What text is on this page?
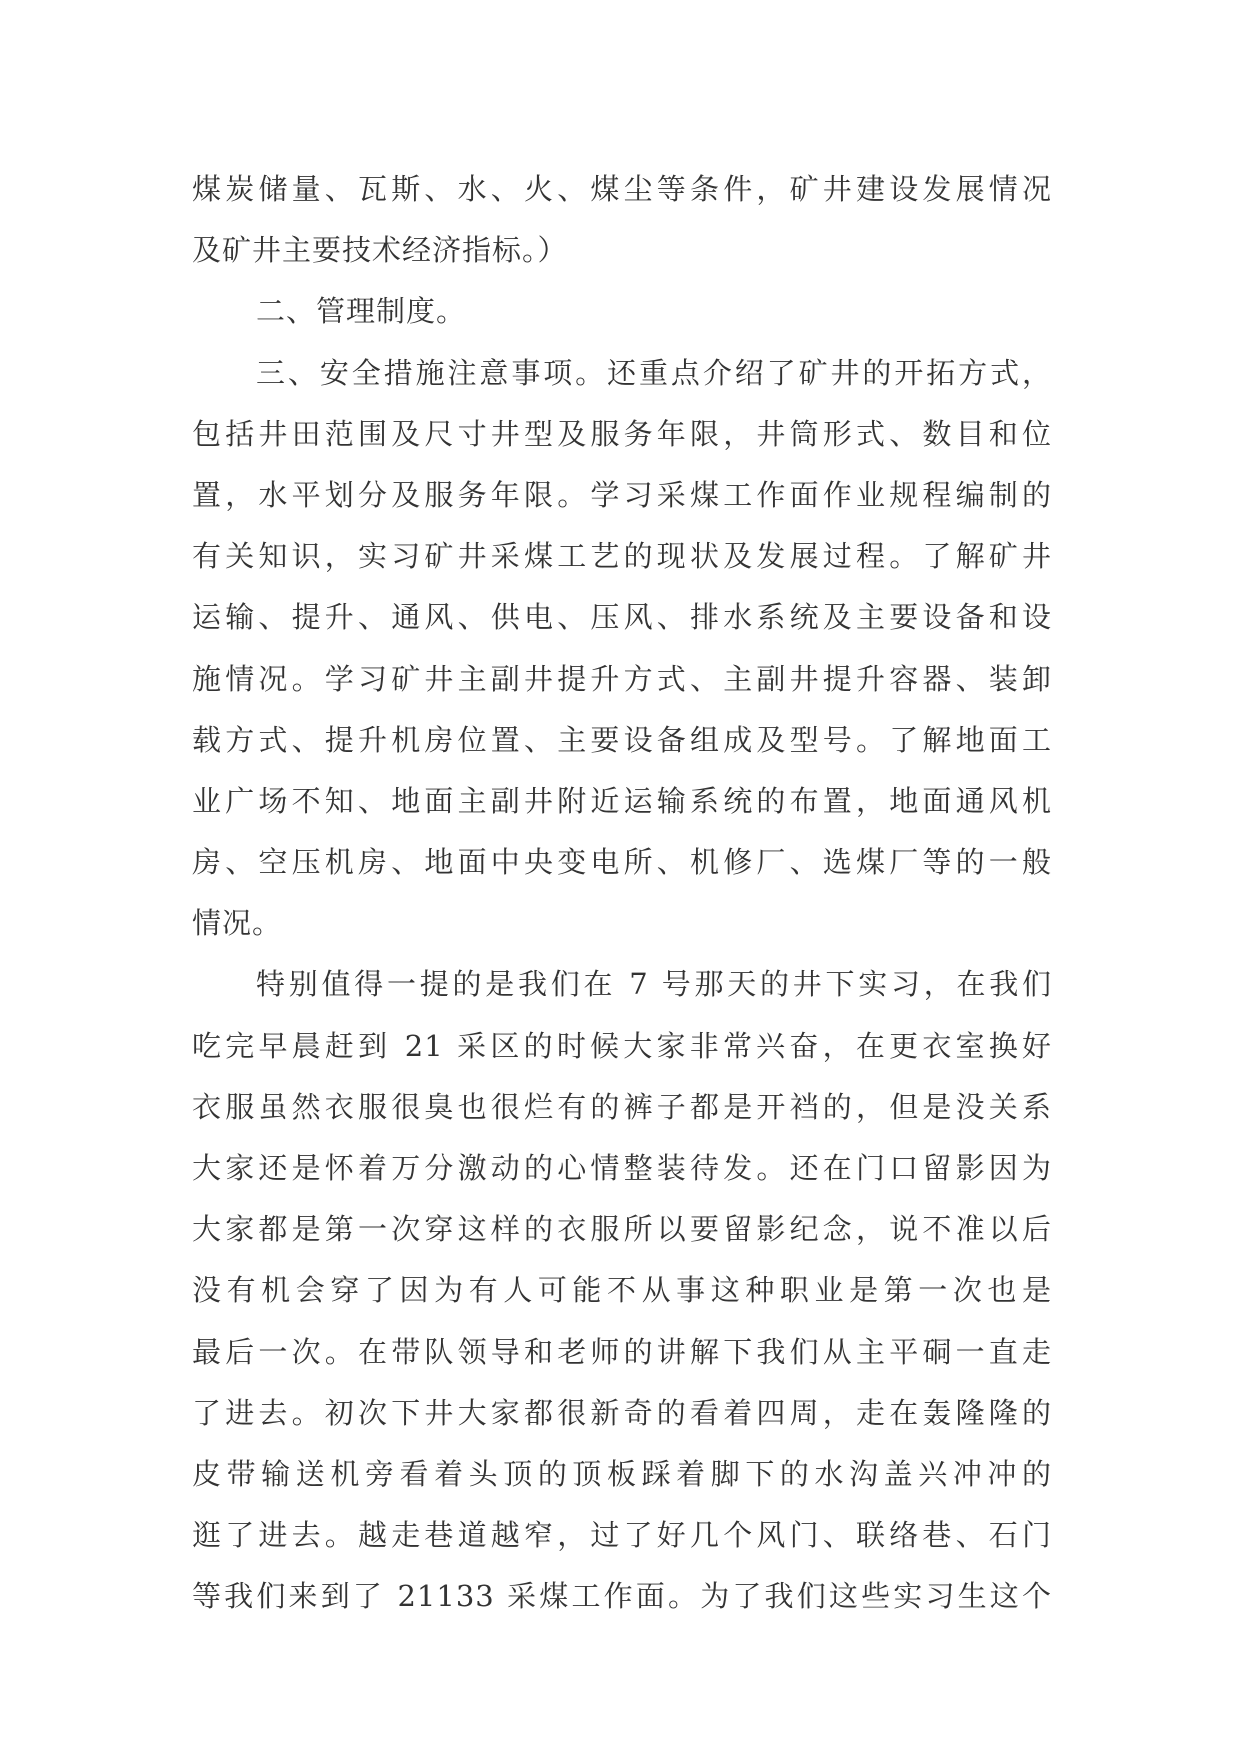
煤炭储量、瓦斯、水、火、煤尘等条件，矿井建设发展情况
及矿井主要技术经济指标。）
二、管理制度。
三、安全措施注意事项。还重点介绍了矿井的开拓方式，
包括井田范围及尺寸井型及服务年限，井筒形式、数目和位
置，水平划分及服务年限。学习采煤工作面作业规程编制的
有关知识，实习矿井采煤工艺的现状及发展过程。了解矿井
运输、提升、通风、供电、压风、排水系统及主要设备和设
施情况。学习矿井主副井提升方式、主副井提升容器、装卸
载方式、提升机房位置、主要设备组成及型号。了解地面工
业广场不知、地面主副井附近运输系统的布置，地面通风机
房、空压机房、地面中央变电所、机修厂、选煤厂等的一般
情况。
特别值得一提的是我们在 7 号那天的井下实习，在我们
吃完早晨赶到 21 采区的时候大家非常兴奋，在更衣室换好
衣服虽然衣服很臭也很烂有的裤子都是开裆的，但是没关系
大家还是怀着万分激动的心情整装待发。还在门口留影因为
大家都是第一次穿这样的衣服所以要留影纪念，说不准以后
没有机会穿了因为有人可能不从事这种职业是第一次也是
最后一次。在带队领导和老师的讲解下我们从主平硐一直走
了进去。初次下井大家都很新奇的看着四周，走在轰隆隆的
皮带输送机旁看着头顶的顶板踩着脚下的水沟盖兴冲冲的
逛了进去。越走巷道越窄，过了好几个风门、联络巷、石门
等我们来到了 21133 采煤工作面。为了我们这些实习生这个
